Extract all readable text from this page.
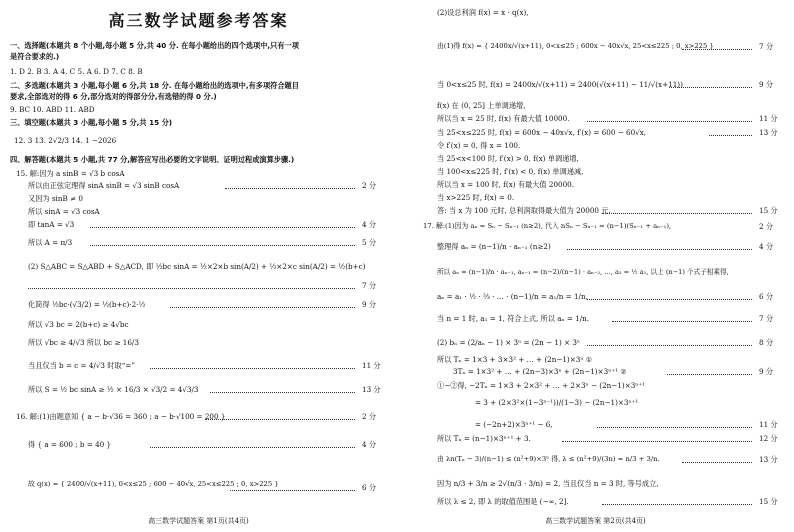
高三数学试题参考答案
一、选择题(本题共 8 个小题,每小题 5 分,共 40 分. 在每小题给出的四个选项中,只有一项
是符合要求的.)
1. D 2. B 3. A 4. C 5. A 6. D 7. C 8. B
二、多选题(本题共 3 小题,每小题 6 分,共 18 分. 在每小题给出的选项中,有多项符合题目
要求,全部选对的得 6 分,部分选对的得部分分,有选错的得 0 分.)
9. BC 10. ABD 11. ABD
三、填空题(本题共 3 小题,每小题 5 分,共 15 分)
12. 3 13. 2√2/3 14. 1 −2026
四、解答题(本题共 5 小题,共 77 分,解答应写出必要的文字说明、证明过程或演算步骤.)
15. 解:因为 a sinB = √3 b cosA
所以由正弦定理得 sinA sinB = √3 sinB cosA	2 分
又因为 sinB ≠ 0
所以 sinA = √3 cosA
即 tanA = √3	4 分
所以 A = π/3	5 分
(2) S△ABC = S△ABD + S△ACD, 即 ½bc sinA = ½×2×b sin(A/2) + ½×2×c sin(A/2) = ½(b+c)
7 分
化简得 ½bc·(√3/2) = ½(b+c)·2·½	9 分
所以 √3 bc = 2(b+c) ≥ 4√bc
所以 √bc ≥ 4/√3 所以 bc ≥ 16/3
当且仅当 b = c = 4/√3 时取“=”	11 分
所以 S = ½ bc sinA ≥ ½ × 16/3 × √3/2 = 4√3/3	13 分
16. 解:(1)由题意知 { a − b·√36 = 360 ; a − b·√100 = 200 }	2 分
得 { a = 600 ; b = 40 }	4 分
故 q(x) = { 2400/√(x+11), 0<x≤25 ; 600 − 40√x, 25<x≤225 ; 0, x>225 }	6 分
高三数学试题答案 第1页(共4页)
(2)设总利润 f(x) = x · q(x),
由(1)得 f(x) = { 2400x/√(x+11), 0<x≤25 ; 600x − 40x√x, 25<x≤225 ; 0, x>225 }	7 分
当 0<x≤25 时, f(x) = 2400x/√(x+11) = 2400(√(x+11) − 11/√(x+11))	9 分
f(x) 在 (0, 25] 上单调递增,
所以当 x = 25 时, f(x) 有最大值 10000.	11 分
当 25<x≤225 时, f(x) = 600x − 40x√x, f′(x) = 600 − 60√x,	13 分
令 f′(x) = 0, 得 x = 100.
当 25<x<100 时, f′(x) > 0, f(x) 单调递增,
当 100<x≤225 时, f′(x) < 0, f(x) 单调递减,
所以当 x = 100 时, f(x) 有最大值 20000.
当 x>225 时, f(x) = 0.
答: 当 x 为 100 元时, 总利润取得最大值为 20000 元.	15 分
17. 解:(1)因为 aₙ = Sₙ − Sₙ₋₁ (n≥2), 代入 nSₙ − Sₙ₋₁ = (n−1)(Sₙ₋₁ + aₙ₋₁),	2 分
整理得 aₙ = (n−1)/n · aₙ₋₁ (n≥2)	4 分
所以 aₙ = (n−1)/n · aₙ₋₁, aₙ₋₁ = (n−2)/(n−1) · aₙ₋₂, …, a₂ = ½ a₁, 以上 (n−1) 个式子相乘得,
aₙ = a₁ · ½ · ⅔ · … · (n−1)/n = a₁/n = 1/n,	6 分
当 n = 1 时, a₁ = 1, 符合上式, 所以 aₙ = 1/n.	7 分
(2) bₙ = (2/aₙ − 1) × 3ⁿ = (2n − 1) × 3ⁿ	8 分
所以 Tₙ = 1×3 + 3×3² + … + (2n−1)×3ⁿ ①
3Tₙ = 1×3² + … + (2n−3)×3ⁿ + (2n−1)×3ⁿ⁺¹ ②	9 分
①−②得, −2Tₙ = 1×3 + 2×3² + … + 2×3ⁿ − (2n−1)×3ⁿ⁺¹
= 3 + (2×3²×(1−3ⁿ⁻¹))/(1−3) − (2n−1)×3ⁿ⁺¹
= (−2n+2)×3ⁿ⁺¹ − 6,	11 分
所以 Tₙ = (n−1)×3ⁿ⁺¹ + 3.	12 分
由 λn(Tₙ − 3)/(n−1) ≤ (n²+9)×3ⁿ 得, λ ≤ (n²+9)/(3n) = n/3 + 3/n.	13 分
因为 n/3 + 3/n ≥ 2√(n/3 · 3/n) = 2, 当且仅当 n = 3 时, 等号成立,
所以 λ ≤ 2, 即 λ 的取值范围是 (−∞, 2].	15 分
高三数学试题答案 第2页(共4页)
